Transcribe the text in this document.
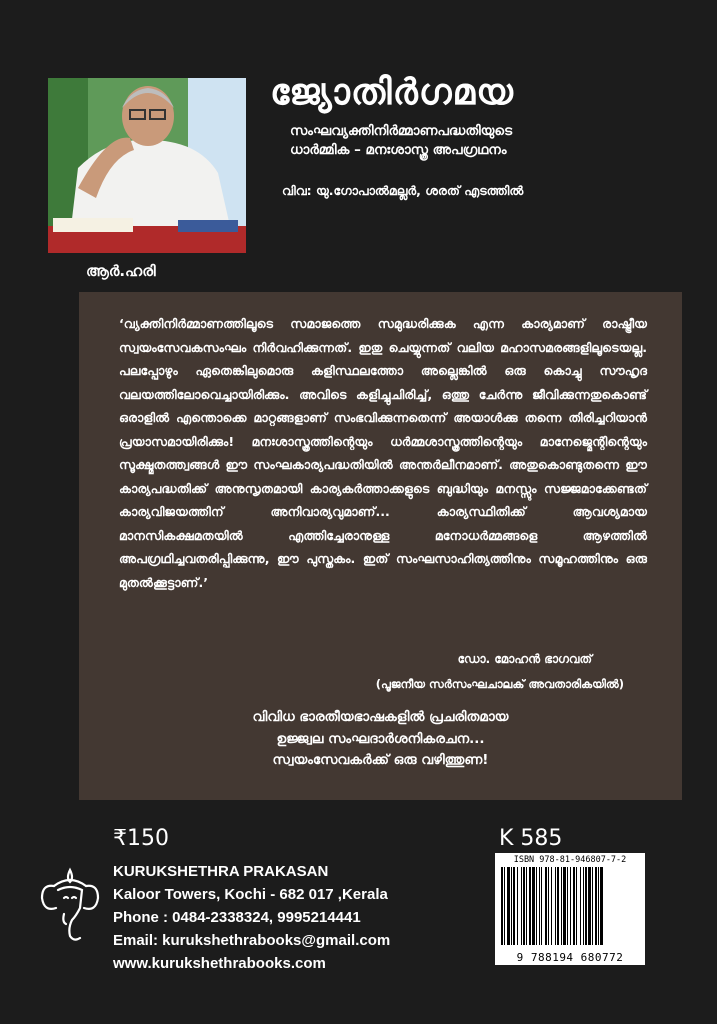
ആർ.ഹരി
ജ്യോതിർഗമയ
സംഘവ്യക്തിനിർമ്മാണപദ്ധതിയുടെ
ധാർമ്മിക – മനഃശാസ്ത്ര അപഗ്രഥനം
വിവ: യു.ഗോപാൽമല്ലർ, ശരത് എടത്തിൽ
‘വ്യക്തിനിർമ്മാണത്തിലൂടെ സമാജത്തെ സമുദ്ധരിക്കുക എന്ന കാര്യമാണ് രാഷ്ട്രീയ സ്വയംസേവകസംഘം നിർവഹിക്കുന്നത്. ഇതു ചെയ്യുന്നത് വലിയ മഹാസമരങ്ങളിലൂടെയല്ല. പലപ്പോഴും ഏതെങ്കിലുമൊരു കളിസ്ഥലത്തോ അല്ലെങ്കിൽ ഒരു കൊച്ചു സൗഹൃദ വലയത്തിലോവെച്ചായിരിക്കും. അവിടെ കളിച്ചുചിരിച്ച്, ഒത്തു ചേർന്നു ജീവിക്കുന്നതുകൊണ്ട് ഒരാളിൽ എന്തൊക്കെ മാറ്റങ്ങളാണ് സംഭവിക്കുന്നതെന്ന് അയാൾക്കു തന്നെ തിരിച്ചറിയാൻ പ്രയാസമായിരിക്കും! മനഃശാസ്ത്രത്തിന്റെയും ധർമ്മശാസ്ത്രത്തിന്റെയും മാനേജ്മെന്റിന്റെയും സൂക്ഷ്മതത്ത്വങ്ങൾ ഈ സംഘകാര്യപദ്ധതിയിൽ അന്തർലീനമാണ്. അതുകൊണ്ടുതന്നെ ഈ കാര്യപദ്ധതിക്ക് അനുസൃതമായി കാര്യകർത്താക്കളുടെ ബുദ്ധിയും മനസ്സും സജ്ജമാക്കേണ്ടത് കാര്യവിജയത്തിന് അനിവാര്യവുമാണ്... കാര്യസ്ഥിതിക്ക് ആവശ്യമായ മാനസികക്ഷമതയിൽ എത്തിച്ചേരാനുള്ള മനോധർമ്മങ്ങളെ ആഴത്തിൽ അപഗ്രഥിച്ചവതരിപ്പിക്കുന്നു, ഈ പുസ്തകം. ഇത് സംഘസാഹിത്യത്തിനും സമൂഹത്തിനും ഒരു മുതൽക്കൂട്ടാണ്.’
ഡോ. മോഹൻ ഭാഗവത്
(പൂജനീയ സർസംഘചാലക് അവതാരികയിൽ)
വിവിധ ഭാരതീയഭാഷകളിൽ പ്രചരിതമായ
ഉജ്ജ്വല സംഘദാർശനികരചന...
സ്വയംസേവകർക്ക് ഒരു വഴിത്തുണ!
₹150	K 585
KURUKSHETHRA PRAKASAN
Kaloor Towers, Kochi - 682 017 ,Kerala
Phone : 0484-2338324, 9995214441
Email: kurukshethrabooks@gmail.com
www.kurukshethrabooks.com
ISBN 978-81-946807-7-2
9 788194 680772
